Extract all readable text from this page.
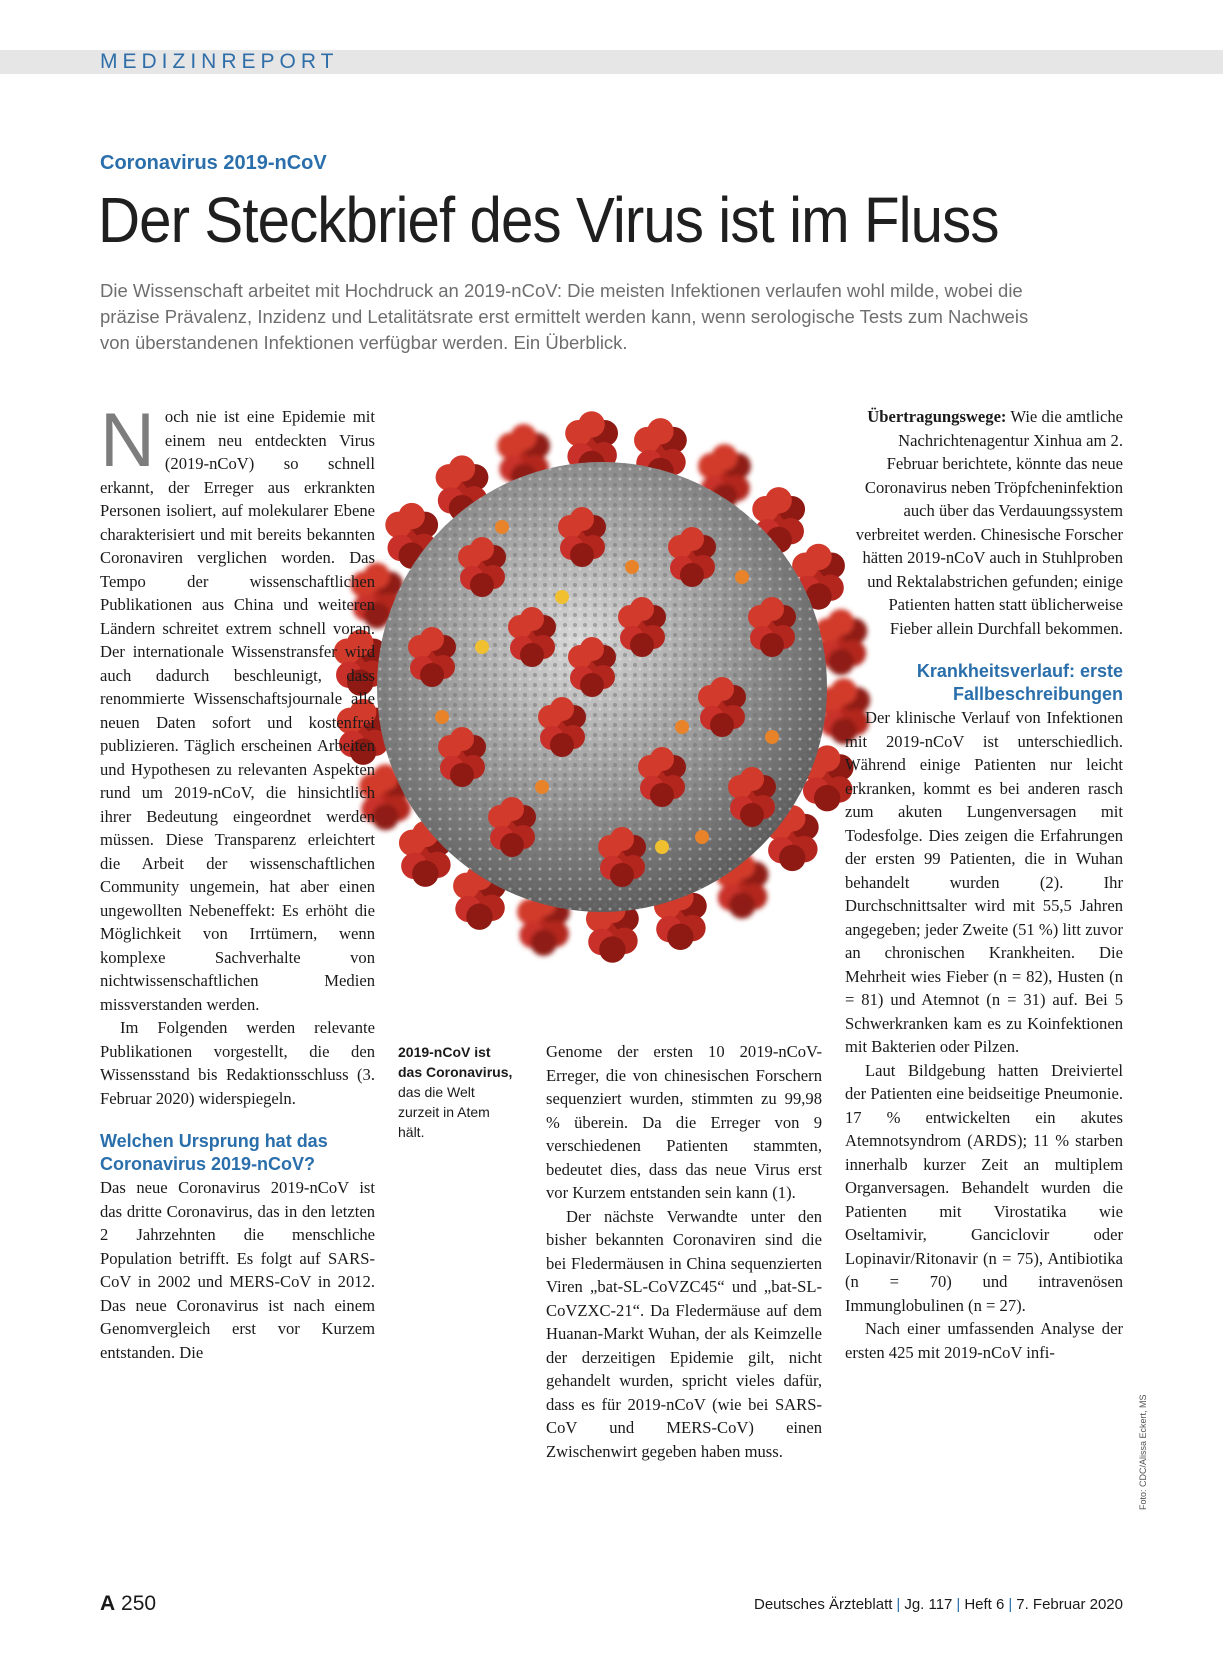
MEDIZINREPORT
Coronavirus 2019-nCoV
Der Steckbrief des Virus ist im Fluss
Die Wissenschaft arbeitet mit Hochdruck an 2019-nCoV: Die meisten Infektionen verlaufen wohl milde, wobei die präzise Prävalenz, Inzidenz und Letalitätsrate erst ermittelt werden kann, wenn serologische Tests zum Nachweis von überstandenen Infektionen verfügbar werden. Ein Überblick.
2019-nCoV ist das Coronavirus, das die Welt zurzeit in Atem hält.
N och nie ist eine Epidemie mit einem neu entdeckten Virus (2019-nCoV) so schnell erkannt, der Erreger aus erkrankten Personen isoliert, auf molekularer Ebene charakterisiert und mit bereits bekannten Coronaviren verglichen worden. Das Tempo der wissenschaftlichen Publikationen aus China und weiteren Ländern schreitet extrem schnell voran. Der internationale Wissenstransfer wird auch dadurch beschleunigt, dass renommierte Wissenschaftsjournale alle neuen Daten sofort und kostenfrei publizieren. Täglich erscheinen Arbeiten und Hypothesen zu relevanten Aspekten rund um 2019-nCoV, die hinsichtlich ihrer Bedeutung eingeordnet werden müssen. Diese Transparenz erleichtert die Arbeit der wissenschaftlichen Community ungemein, hat aber einen ungewollten Nebeneffekt: Es erhöht die Möglichkeit von Irrtümern, wenn komplexe Sachverhalte von nichtwissenschaftlichen Medien missverstanden werden.

Im Folgenden werden relevante Publikationen vorgestellt, die den Wissensstand bis Redaktionsschluss (3. Februar 2020) widerspiegeln.

Welchen Ursprung hat das Coronavirus 2019-nCoV?

Das neue Coronavirus 2019-nCoV ist das dritte Coronavirus, das in den letzten 2 Jahrzehnten die menschliche Population betrifft. Es folgt auf SARS-CoV in 2002 und MERS-CoV in 2012. Das neue Coronavirus ist nach einem Genomvergleich erst vor Kurzem entstanden. Die

Genome der ersten 10 2019-nCoV-Erreger, die von chinesischen Forschern sequenziert wurden, stimmten zu 99,98 % überein. Da die Erreger von 9 verschiedenen Patienten stammten, bedeutet dies, dass das neue Virus erst vor Kurzem entstanden sein kann (1).

Der nächste Verwandte unter den bisher bekannten Coronaviren sind die bei Fledermäusen in China sequenzierten Viren „bat-SL-CoVZC45“ und „bat-SL-CoVZXC-21“. Da Fledermäuse auf dem Huanan-Markt Wuhan, der als Keimzelle der derzeitigen Epidemie gilt, nicht gehandelt wurden, spricht vieles dafür, dass es für 2019-nCoV (wie bei SARS-CoV und MERS-CoV) einen Zwischenwirt gegeben haben muss.

Übertragungswege: Wie die amtliche Nachrichtenagentur Xinhua am 2. Februar berichtete, könnte das neue Coronavirus neben Tröpfcheninfektion auch über das Verdauungssystem verbreitet werden. Chinesische Forscher hätten 2019-nCoV auch in Stuhlproben und Rektalabstrichen gefunden; einige Patienten hatten statt üblicherweise Fieber allein Durchfall bekommen.

Krankheitsverlauf: erste Fallbeschreibungen

Der klinische Verlauf von Infektionen mit 2019-nCoV ist unterschiedlich. Während einige Patienten nur leicht erkranken, kommt es bei anderen rasch zum akuten Lungenversagen mit Todesfolge. Dies zeigen die Erfahrungen der ersten 99 Patienten, die in Wuhan behandelt wurden (2). Ihr Durchschnittsalter wird mit 55,5 Jahren angegeben; jeder Zweite (51 %) litt zuvor an chronischen Krankheiten. Die Mehrheit wies Fieber (n = 82), Husten (n = 81) und Atemnot (n = 31) auf. Bei 5 Schwerkranken kam es zu Koinfektionen mit Bakterien oder Pilzen.

Laut Bildgebung hatten Dreiviertel der Patienten eine beidseitige Pneumonie. 17 % entwickelten ein akutes Atemnotsyndrom (ARDS); 11 % starben innerhalb kurzer Zeit an multiplem Organversagen. Behandelt wurden die Patienten mit Virostatika wie Oseltamivir, Ganciclovir oder Lopinavir/Ritonavir (n = 75), Antibiotika (n = 70) und intravenösen Immunglobulinen (n = 27).

Nach einer umfassenden Analyse der ersten 425 mit 2019-nCoV infi-

Foto: CDC/Alissa Eckert, MS
A 250	Deutsches Ärzteblatt | Jg. 117 | Heft 6 | 7. Februar 2020
